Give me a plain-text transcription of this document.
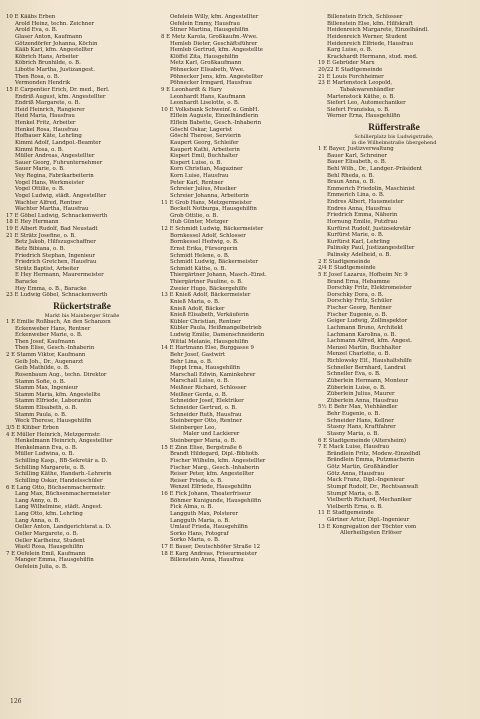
10 E Kääbs Erben
Arold Heinz, techn. Zeichner
Arold Eva, o. B.
Glaser Anton, Kaufmann
Götzendörfer Johanna, Köchin
Kääb Karl, kfm. Angestellter
Köbrich Hans, Arbeiter
Köbrich Brunhilde, o. B.
Libotte Martha, Justizangest.
Then Rosa, o. B.
Vermonden Hendrik
15 E Carpentier Erich, Dr. med., Berl.
Endriß August, kfm. Angestellter
Endriß Margarete, o. B.
Heid Heinrich, Rangierer
Heid Maria, Hausfrau
Henkel Fritz, Arbeiter
Henkel Rosa, Hausfrau
Hofbauer Käte, Lehrling
Kimmi Adolf, Landpol.-Beamter
Kimmi Rosa, o. B.
Müller Andreas, Angestellter
Sauer Georg, Fuhrunternehmer
Sauer Marie, o. B.
Vey Regina, Fabrikarbeiterin
Vogel Hans, Werkmeister
Vogel Ottilie, o. B.
Vogel Ludwig, städt. Angestellter
Wachter Alfred, Rentner
Wachter Martha, Hausfrau
17 E Göbel Ludwig, Schnackenwerth
18 E Hey Hermann
19 E Albert Rudolf, Bad Neustadt
21 E Strätz Josefine, o. B.
Betz Jakob, Hilfszugschaffner
Betz Bibiana, o. B.
Friedrich Stephan, Ingenieur
Friedrich Gretchen, Hausfrau
Strätz Baptist, Arbeiter
E Hey Hermann, Maurermeister
Baracke
Hey Emma, o. B., Baracke
23 E Ludwig Göbel, Schnackenwerth
Rückertstraße
Markt bis Mainberger Straße
1 E Emilie Roßbach, An den Schanzen
Eckenweber Hans, Rentner
Eckenweber Marie, o. B.
Then Josef, Kaufmann
Then Elise, Gesch.-Inhaberin
2 E Stamm Viktor, Kaufmann
Geib Joh., Dr., Augenarzt
Geib Mathilde, o. B.
Rosenbaum Aug., techn. Direktor
Stamm Sofie, o. B.
Stamm Max, Ingenieur
Stamm Maria, kfm. Angestellte
Stamm Elfriede, Laborantin
Stamm Elisabeth, o. B.
Stamm Paula, o. B.
Weck Therese, Hausgehilfin
3/5 E Klüber Erben
4 E Müller Heinrich, Metzgermstr.
Henkelmann Heinrich, Angestellter
Henkelmann Eva, o. B.
Müller Ludwina, o. B.
Schilling Kasp., BB-Sekretär a. D.
Schilling Margarete, o. B.
Schilling Käthe, Handarb.-Lehrerin
Schilling Oskar, Handelsschüler
6 E Lang Otto, Büchsenmachermstr.
Lang Max, Büchsenmachermeister
Lang Anny, o. B.
Lang Wilhelmine, städt. Angest.
Lang Otto, kfm. Lehrling
Lang Anna, o. B.
Oeller Anton, Landgerichtsrat a. D.
Oeller Margarete, o. B.
Oeller Karlheinz, Student
Wastl Rosa, Hausgehilfin
7 E Oefelein Emil, Kaufmann
Manger Emma, Hausgehilfin
Oefelein Julia, o. B.
Oefelein Willy, kfm. Angestellter
Oefelein Emmy, Hausfrau
Stiner Martina, Hausgehilfin
8 E Metz Karola, Großkaufm.-Wwe.
Hemleb Dieter, Geschäftsführer
Hemleb Gertrud, kfm. Angestellte
Klöffel Zita, Hausgehilfin
Metz Karl, Großkaufmann
Pöhnecker Elisabeth, Wwe.
Pöhnecker Jens, kfm. Angestellter
Pöhnecker Irmgard, Hausfrau
9 E Leonhardt & Hary
Leonhardt Hans, Kaufmann
Leonhardt Liselotte, o. B.
10 E Volksbank Schweinf. e. GmbH.
Elflein Auguste, Einzelhändlerin
Elflein Babette, Gesch.-Inhaberin
Göschl Oskar, Lagerist
Göschl Therese, Servierin
Kaupert Georg, Schleifer
Kaupert Kathi, Arbeiterin
Kispert Emil, Buchhalter
Kispert Luise, o. B.
Korn Christian, Magaziner
Korn Luise, Hausfrau
Peter Karl, Rentner
Schreier Julius, Musiker
Schreier Johanna, Arbeiterin
11 E Grob Hans, Metzgermeister
Bockelt Notburga, Hausgehilfin
Grob Ottilie, o. B.
Hub Günter, Metzger
12 E Schmidt Ludwig, Bäckermeister
Bornkessel Adolf, Schlosser
Bornkessel Hedwig, o. B.
Ernst Erika, Fürsorgerin
Schmidt Helene, o. B.
Schmidt Ludwig, Bäckermeister
Schmidt Käthe, o. B.
Thiergärtner Johann, Masch.-Einst.
Thiergärtner Pauline, o. B.
Zweier Hugo, Bäckergehilfe
13 E Knieß Adolf, Bäckermeister
Knieß Maria, o. B.
Knieß Adolf, Bäcker
Knieß Elisabeth, Verkäuferin
Kübler Christian, Rentner
Kübler Paula, Heißmangelbetrieb
Ludwig Emilie, Damenschneiderin
Wittal Melanie, Hausgehilfin
14 E Hartmann Else, Burggasse 9
Behr Josef, Gastwirt
Behr Lina, o. B.
Heppt Irma, Hausgehilfin
Marschall Edwin, Kaminkehrer
Marschall Luise, o. B.
Meißner Richard, Schlosser
Meißner Gerda, o. B.
Schneider Josef, Elektriker
Schneider Gertrud, o. B.
Schneider Ruth, Hausfrau
Steinberger Otto, Rentner
Steinberger Leo,
Maler und Lackierer
Steinberger Maria, o. B.
15 E Zinn Elise, Bergstraße 6
Brandt Hildegard, Dipl.-Bibliotb.
Fischer Wilhelm, kfm. Angestellter
Fischer Marg., Gesch.-Inhaberin
Reiser Peter, kfm. Angestellter
Reiser Frieda, o. B.
Wenzel Elfriede, Hausgehilfin
16 E Fick Johann, Theaterfriseur
Böhmer Kunigunde, Hausgehilfin
Fick Alma, o. B.
Langguth Max, Polsterer
Langguth Maria, o. B.
Umlauf Frieda, Hausgehilfin
Sorko Hans, Fotograf
Sorko Maria, o. B.
17 E Bauer, Deutschhöfer Straße 12
18 E Karg Andreas, Friseurmeister
Billenstein Anna, Hausfrau
Billenstein Erich, Schlosser
Billenstein Else, kfm. Hilfskraft
Heidenreich Margarete, Einzelhändl.
Heidenreich Werner, Student
Heidenreich Elfriede, Hausfrau
Karg Luise, o. B.
Krackhardt Hermann, stud. med.
19 E Gebrüder Marx
20/22 E Stadtgemeinde
21 E Louis Forchheimer
23 E Martenstock Leopold,
Tabakwarenhändler
Martenstock Käthe, o. B.
Siefert Leo, Automechaniker
Siefert Franziska, o. B.
Werner Erna, Hausgehilfin
Rüfferstraße
Schillerplatz bis Ludwigstraße,
in die Wilhelmstraße übergehend
1 E Bayer, Justizverwaltung
Bauer Karl, Schreiner
Bauer Elisabeth, o. B.
Behl Wilh., Dr., Landger.-Präsident
Behl Rheda, o. B.
Braun Anna, o. B.
Emmerich Friedolin, Maschinist
Emmerich Lina, o. B.
Endres Albert, Hausmeister
Endres Anna, Hausfrau
Friedrich Emma, Näherin
Hornung Emilie, Putzfrau
Kurfürst Rudolf, Justizsekretär
Kurfürst Marie, o. B.
Kurfürst Karl, Lehrling
Palinsky Paul, Justizangestellter
Palinsky Adelheid, o. B.
2 E Stadtgemeinde
2/4 E Stadtgemeinde
5 E Josef Lazarus, Hofheim Nr. 9
Brand Erna, Hebamme
Dorschky Fritz, Elektromeister
Dorschky Dora, o. B.
Dorschky Fritz, Schüler
Fischer Georg, Rentner
Fischer Eugenie, o. B.
Geiger Ludwig, Zollinspektor
Lachmann Bruno, Architekt
Lachmann Karolina, o. B.
Lachmann Alfred, kfm. Angest.
Menzel Martin, Buchhalter
Menzel Charlotte, o. B.
Richlowsky Elf., Haushaltshilfe
Schneller Bernhard, Landrat
Schneller Eva, o. B.
Züberlein Hermann, Monteur
Züberlein Luise, o. B.
Züberlein Julius, Maurer
Züberlein Anna, Hausfrau
5½ E Behr Max, Viehhändler
Behr Eugenie, o. B.
Schneider Hans, Kellner
Stasny Hans, Kraftfahrer
Stasny Maria, o. B.
6 E Stadtgemeinde (Altersheim)
7 E Mack Luise, Hausfrau
Brändlein Fritz, Modew.-Einzelhdl
Brändlein Emma, Putzmacherin
Götz Martin, Großhändler
Götz Anna, Hausfrau
Mack Franz, Dipl.-Ingenieur
Stumpf Rudolf, Dr., Rechtsanwalt
Stumpf Maria, o. B.
Vielberth Richard, Mechaniker
Vielberth Erna, o. B.
11 E Stadtgemeinde
Gärtner Artur, Dipl.-Ingenieur
13 E Kongregation der Töchter vom
Allerheiligsten Erlöser
126
